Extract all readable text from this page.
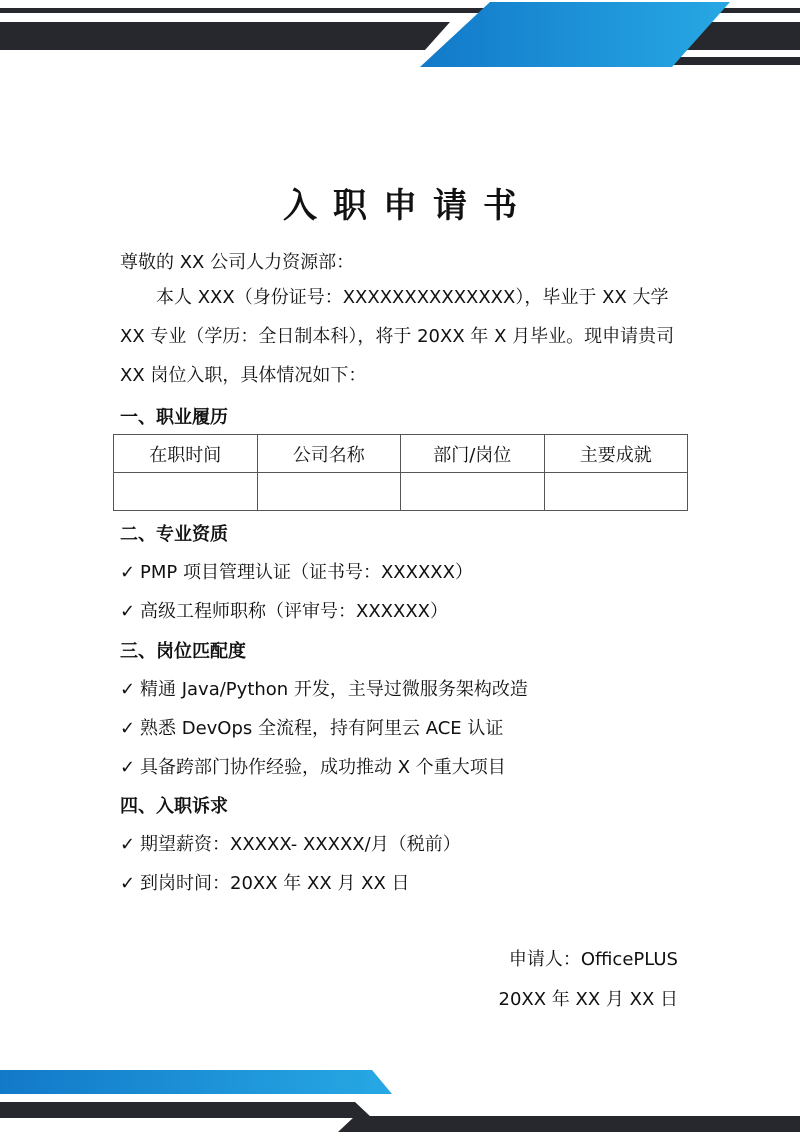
入职申请书
尊敬的 XX 公司人力资源部：

本人 XXX（身份证号：XXXXXXXXXXXXXX），毕业于 XX 大学 XX 专业（学历：全日制本科），将于 20XX 年 X 月毕业。现申请贵司 XX 岗位入职，具体情况如下：

一、职业履历
在职时间	公司名称	部门/岗位	主要成就

二、专业资质
✓ PMP 项目管理认证（证书号：XXXXXX）
✓ 高级工程师职称（评审号：XXXXXX）
三、岗位匹配度
✓ 精通 Java/Python 开发，主导过微服务架构改造
✓ 熟悉 DevOps 全流程，持有阿里云 ACE 认证
✓ 具备跨部门协作经验，成功推动 X 个重大项目
四、入职诉求
✓ 期望薪资：XXXXX- XXXXX/月（税前）
✓ 到岗时间：20XX 年 XX 月 XX 日
申请人：OfficePLUS
20XX 年 XX 月 XX 日
